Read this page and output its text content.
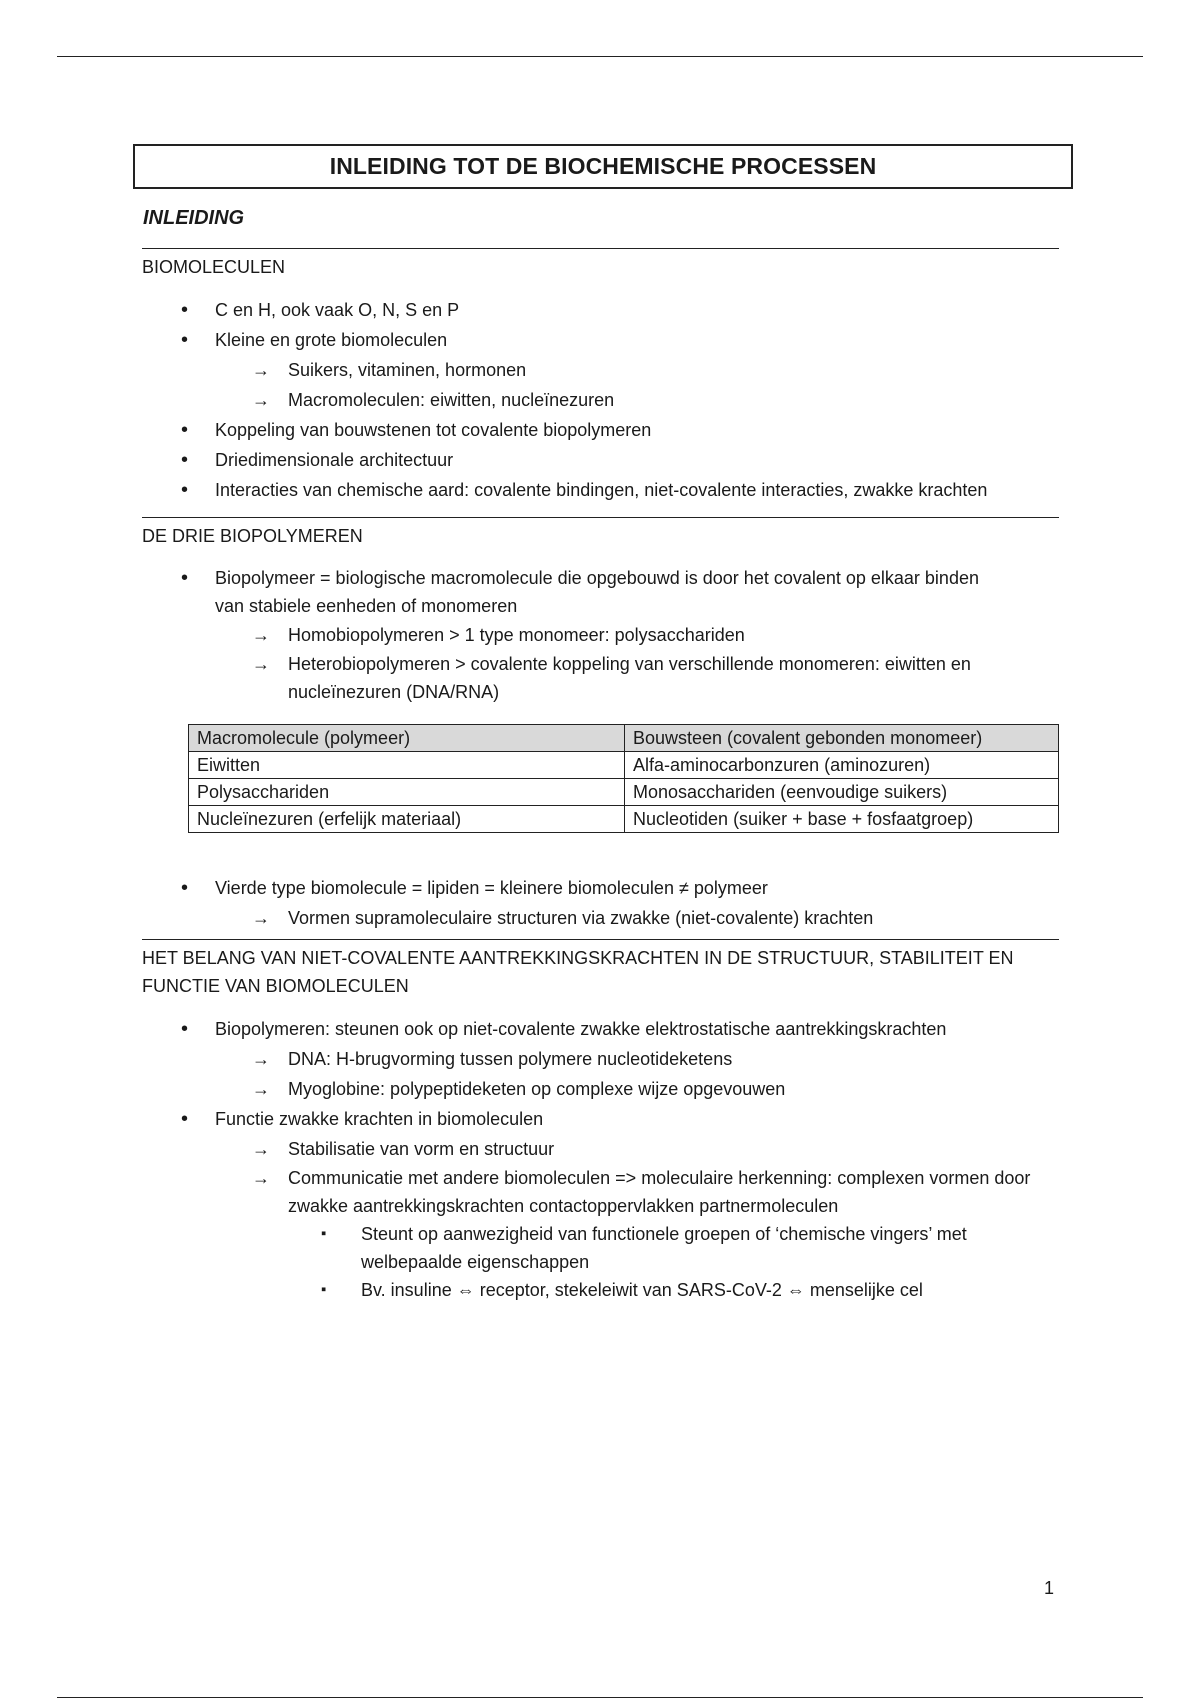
INLEIDING TOT DE BIOCHEMISCHE PROCESSEN
INLEIDING
BIOMOLECULEN
• C en H, ook vaak O, N, S en P
• Kleine en grote biomoleculen
→ Suikers, vitaminen, hormonen
→ Macromoleculen: eiwitten, nucleïnezuren
• Koppeling van bouwstenen tot covalente biopolymeren
• Driedimensionale architectuur
• Interacties van chemische aard: covalente bindingen, niet-covalente interacties, zwakke krachten
DE DRIE BIOPOLYMEREN
• Biopolymeer = biologische macromolecule die opgebouwd is door het covalent op elkaar binden van stabiele eenheden of monomeren
→ Homobiopolymeren > 1 type monomeer: polysacchariden
→ Heterobiopolymeren > covalente koppeling van verschillende monomeren: eiwitten en nucleïnezuren (DNA/RNA)
Macromolecule (polymeer)	Bouwsteen (covalent gebonden monomeer)
Eiwitten	Alfa-aminocarbonzuren (aminozuren)
Polysacchariden	Monosacchariden (eenvoudige suikers)
Nucleïnezuren (erfelijk materiaal)	Nucleotiden (suiker + base + fosfaatgroep)
• Vierde type biomolecule = lipiden = kleinere biomoleculen ≠ polymeer
→ Vormen supramoleculaire structuren via zwakke (niet-covalente) krachten
HET BELANG VAN NIET-COVALENTE AANTREKKINGSKRACHTEN IN DE STRUCTUUR, STABILITEIT EN FUNCTIE VAN BIOMOLECULEN
• Biopolymeren: steunen ook op niet-covalente zwakke elektrostatische aantrekkingskrachten
→ DNA: H-brugvorming tussen polymere nucleotideketens
→ Myoglobine: polypeptideketen op complexe wijze opgevouwen
• Functie zwakke krachten in biomoleculen
→ Stabilisatie van vorm en structuur
→ Communicatie met andere biomoleculen => moleculaire herkenning: complexen vormen door zwakke aantrekkingskrachten contactoppervlakken partnermoleculen
▪ Steunt op aanwezigheid van functionele groepen of ‘chemische vingers’ met welbepaalde eigenschappen
▪ Bv. insuline ⇔ receptor, stekeleiwit van SARS-CoV-2 ⇔ menselijke cel
1
